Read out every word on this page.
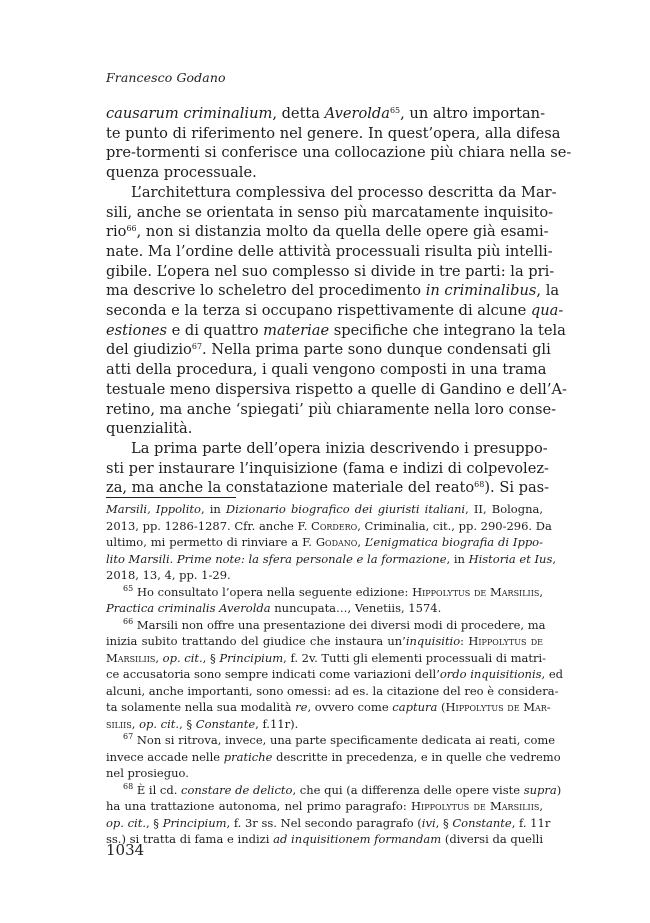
Francesco Godano
causarum criminalium, detta Averolda$^{65}$, un altro importan-
te punto di riferimento nel genere. In quest’opera, alla difesa
pre-tormenti si conferisce una collocazione più chiara nella se-
quenza processuale.
L’architettura complessiva del processo descritta da Mar-
sili, anche se orientata in senso più marcatamente inquisito-
rio$^{66}$, non si distanzia molto da quella delle opere già esami-
nate. Ma l’ordine delle attività processuali risulta più intelli-
gibile. L’opera nel suo complesso si divide in tre parti: la pri-
ma descrive lo scheletro del procedimento in criminalibus, la
seconda e la terza si occupano rispettivamente di alcune qua-
estiones e di quattro materiae specifiche che integrano la tela
del giudizio$^{67}$. Nella prima parte sono dunque condensati gli
atti della procedura, i quali vengono composti in una trama
testuale meno dispersiva rispetto a quelle di Gandino e dell’A-
retino, ma anche ‘spiegati’ più chiaramente nella loro conse-
quenzialità.
La prima parte dell’opera inizia descrivendo i presuppo-
sti per instaurare l’inquisizione (fama e indizi di colpevolez-
za, ma anche la constatazione materiale del reato$^{68}$). Si pas-
Marsili, Ippolito, in Dizionario biografico dei giuristi italiani, II, Bologna,
2013, pp. 1286-1287. Cfr. anche F. Cordero, Criminalia, cit., pp. 290-296. Da
ultimo, mi permetto di rinviare a F. Godano, L’enigmatica biografia di Ippo-
lito Marsili. Prime note: la sfera personale e la formazione, in Historia et Ius,
2018, 13, 4, pp. 1-29.
$^{65}$ Ho consultato l’opera nella seguente edizione: Hippolytus de Marsiliis,
Practica criminalis Averolda nuncupata…, Venetiis, 1574.
$^{66}$ Marsili non offre una presentazione dei diversi modi di procedere, ma
inizia subito trattando del giudice che instaura un’inquisitio: Hippolytus de
Marsiliis, op. cit., § Principium, f. 2v. Tutti gli elementi processuali di matri-
ce accusatoria sono sempre indicati come variazioni dell’ordo inquisitionis, ed
alcuni, anche importanti, sono omessi: ad es. la citazione del reo è considera-
ta solamente nella sua modalità re, ovvero come captura (Hippolytus de Mar-
siliis, op. cit., § Constante, f.11r).
$^{67}$ Non si ritrova, invece, una parte specificamente dedicata ai reati, come
invece accade nelle pratiche descritte in precedenza, e in quelle che vedremo
nel prosieguo.
$^{68}$ È il cd. constare de delicto, che qui (a differenza delle opere viste supra)
ha una trattazione autonoma, nel primo paragrafo: Hippolytus de Marsiliis,
op. cit., § Principium, f. 3r ss. Nel secondo paragrafo (ivi, § Constante, f. 11r
ss.) si tratta di fama e indizi ad inquisitionem formandam (diversi da quelli
1034
